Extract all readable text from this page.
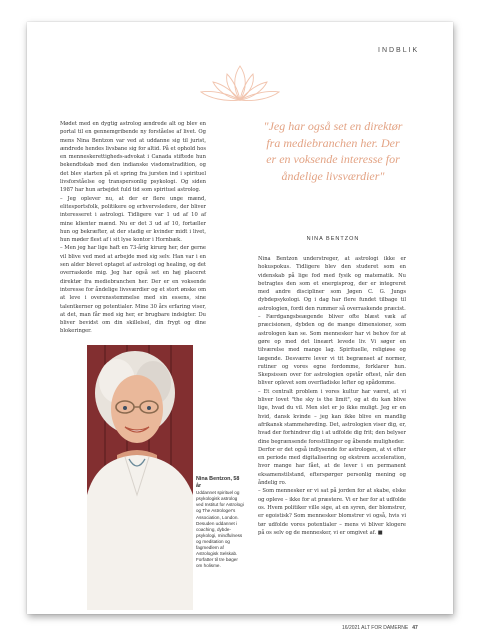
INDBLIK

Mødet med en dygtig astrolog ændrede alt og blev en portal til en gennemgribende ny forståelse af livet. Og mens Nina Bentzon var ved at uddanne sig til jurist, ændrede hendes livsbane sig for altid. På et ophold hos en menneskerettigheds-advokat i Canada stiftede hun bekendtskab med den indianske visdomstradition, og det blev starten på et spring fra jursten ind i spirituel livsforståelse og transpersonlig psykologi. Og siden 1987 har hun arbejdet fuld tid som spirituel astrolog.

– Jeg oplever nu, at der er flere unge mænd, elitesportsfolk, politikere og erhvervsledere, der bliver interesseret i astrologi. Tidligere var 1 ud af 10 af mine klienter mænd. Nu er det 3 ud af 10, fortæller hun og bekræfter, at der stadig er kvinder midt i livet, hun møder flest af i sit lyse kontor i Hornbæk.

– Men jeg har lige haft en 73-årig kirurg her, der gerne vil blive ved med at arbejde med sig selv. Han var i en sen alder blevet optaget af astrologi og healing, og det overraskede mig. Jeg har også set en høj placeret direktør fra mediebranchen her. Der er en voksende interesse for åndelige livsværdier og et stort ønske om at leve i overensstemmelse med sin essens, sine talentkerner og potentialer. Mine 30 års erfaring viser, at det, man får med sig her, er brugbare indsigter. Du bliver bevidst om din skillelsel, din frygt og dine blokeringer.

"Jeg har også set en direktør fra mediebranchen her. Der er en voksende interesse for åndelige livsværdier"
NINA BENTZON

Nina Bentzon understreger, at astrologi ikke er hokuspokus. Tidligere blev den studeret som en videnskab på lige fod med fysik og matematik. Nu betragtes den som et energisprog, der er integreret med andre discipliner som Jøgen C. G. Jungs dybdepsykologi. Og i dag har flere fundet tilbage til astrologien, fordi den rummer så overraskende præcist.

– Færdgangsbeægende bliver ofte blæst væk af præcisionen, dybden og de mange dimensioner, som astrologen kan se. Som mennesker har vi behov for at gøre op med det lineært levede liv. Vi søger en tilværelse med mange lag. Spirituelle, religiøse og lægende. Desværre lever vi tit begrænset af normer, rutiner og vores egne fordomme, forklarer hun. Skepsissen over for astrologien opstår oftest, når den bliver oplevet som overfladiske lefter og spådomme.

– Et centralt problem i vores kultur har været, at vi bliver lovet "the sky is the limit", og at du kan blive lige, hvad du vil. Men slet er jo ikke muligt. Jeg er en hvid, dansk kvinde – jeg kan ikke blive en mandlig afrikansk stammehøvding. Det, astrologien viser dig, er, hvad der forhindrer dig i at udfolde dig frit; den belyser dine begrænsende forestillinger og åbende muligheder.

Derfor er det også indlysende for astrologen, at vi efter en periode med digitalisering og ekstrem acceleration, hvor mange har fået, at de lever i en permanent eksamenstilstand, efterspørger personlig mening og åndelig ro.

– Som mennesker er vi sat på jorden for at skabe, elske og opleve – ikke for at præstere. Vi er her for at udfolde os. Hvem politiker ville sige, at en syren, der blomstrer, er egoistisk? Som mennesker blomstrer vi også, hvis vi tør udfolde vores potentialer – mens vi bliver klogere på os selv og de mennesker, vi er omgivet af. ■

Nina Bentzon, 58 år
Uddannet spirituel og psykologisk astrolog ved Institut for Astrologi og The Astrologer's Association, London. Desuden uddannet i coaching, dybde-psykologi, mindfulness og meditation og fagmedlem af Astrologisk Selskab. Forfatter til tre bøger om holisme.
16/2021 ALT FOR DAMERNE 47
